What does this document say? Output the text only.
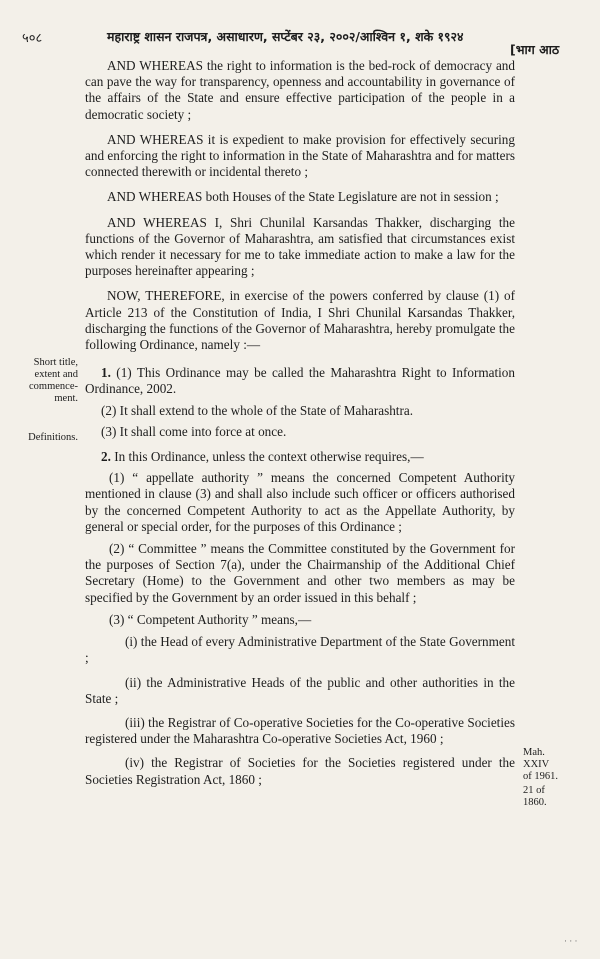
५०८	महाराष्ट्र शासन राजपत्र, असाधारण, सप्टेंबर २३, २००२/आश्विन १, शके १९२४
[भाग आठ

AND WHEREAS the right to information is the bed-rock of democracy and can pave the way for transparency, openness and accountability in governance of the affairs of the State and ensure effective participation of the people in a democratic society ;

AND WHEREAS it is expedient to make provision for effectively securing and enforcing the right to information in the State of Maharashtra and for matters connected therewith or incidental thereto ;

AND WHEREAS both Houses of the State Legislature are not in session ;

AND WHEREAS I, Shri Chunilal Karsandas Thakker, discharging the functions of the Governor of Maharashtra, am satisfied that circumstances exist which render it necessary for me to take immediate action to make a law for the purposes hereinafter appearing ;

NOW, THEREFORE, in exercise of the powers conferred by clause (1) of Article 213 of the Constitution of India, I Shri Chunilal Karsandas Thakker, discharging the functions of the Governor of Maharashtra, hereby promulgate the following Ordinance, namely :—

1. (1) This Ordinance may be called the Maharashtra Right to Information Ordinance, 2002.

(2) It shall extend to the whole of the State of Maharashtra.

(3) It shall come into force at once.

2. In this Ordinance, unless the context otherwise requires,—

(1) “ appellate authority ” means the concerned Competent Authority mentioned in clause (3) and shall also include such officer or officers authorised by the concerned Competent Authority to act as the Appellate Authority, by general or special order, for the purposes of this Ordinance ;

(2) “ Committee ” means the Committee constituted by the Government for the purposes of Section 7(a), under the Chairmanship of the Additional Chief Secretary (Home) to the Government and other two members as may be specified by the Government by an order issued in this behalf ;

(3) “ Competent Authority ” means,—

(i) the Head of every Administrative Department of the State Government ;

(ii) the Administrative Heads of the public and other authorities in the State ;

(iii) the Registrar of Co-operative Societies for the Co-operative Societies registered under the Maharashtra Co-operative Societies Act, 1960 ;

(iv) the Registrar of Societies for the Societies registered under the Societies Registration Act, 1860 ;

Short title, extent and commence- ment.
Definitions.
Mah. XXIV of 1961.
21 of 1860.
· · ·
